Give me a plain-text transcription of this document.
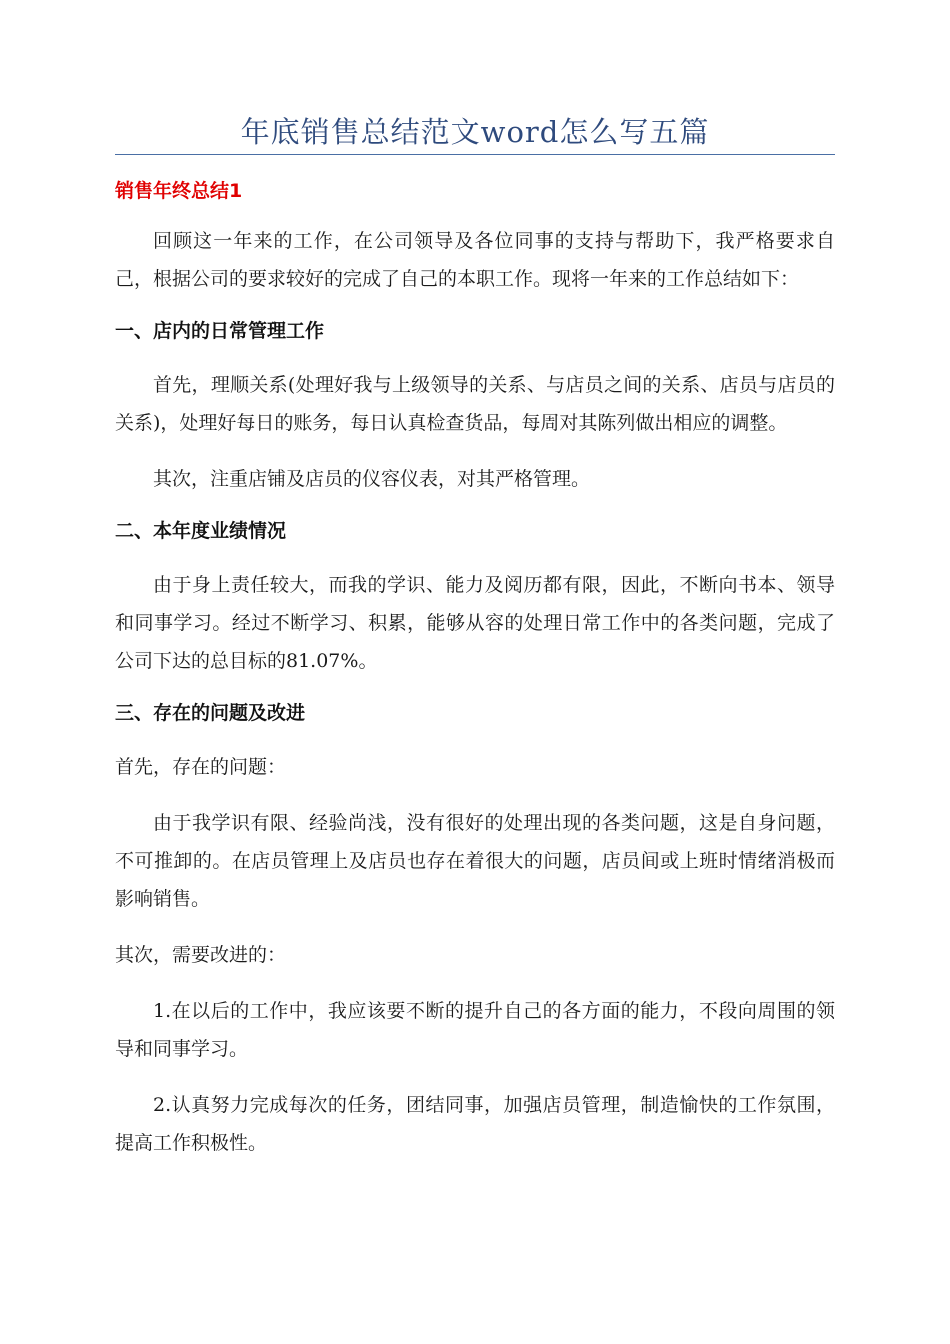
年底销售总结范文word怎么写五篇
销售年终总结1

回顾这一年来的工作，在公司领导及各位同事的支持与帮助下，我严格要求自己，根据公司的要求较好的完成了自己的本职工作。现将一年来的工作总结如下：

一、店内的日常管理工作

首先，理顺关系(处理好我与上级领导的关系、与店员之间的关系、店员与店员的关系)，处理好每日的账务，每日认真检查货品，每周对其陈列做出相应的调整。

其次，注重店铺及店员的仪容仪表，对其严格管理。

二、本年度业绩情况

由于身上责任较大，而我的学识、能力及阅历都有限，因此，不断向书本、领导和同事学习。经过不断学习、积累，能够从容的处理日常工作中的各类问题，完成了公司下达的总目标的81.07%。

三、存在的问题及改进

首先，存在的问题：

由于我学识有限、经验尚浅，没有很好的处理出现的各类问题，这是自身问题，不可推卸的。在店员管理上及店员也存在着很大的问题，店员间或上班时情绪消极而影响销售。

其次，需要改进的：

1.在以后的工作中，我应该要不断的提升自己的各方面的能力，不段向周围的领导和同事学习。

2.认真努力完成每次的任务，团结同事，加强店员管理，制造愉快的工作氛围，提高工作积极性。
